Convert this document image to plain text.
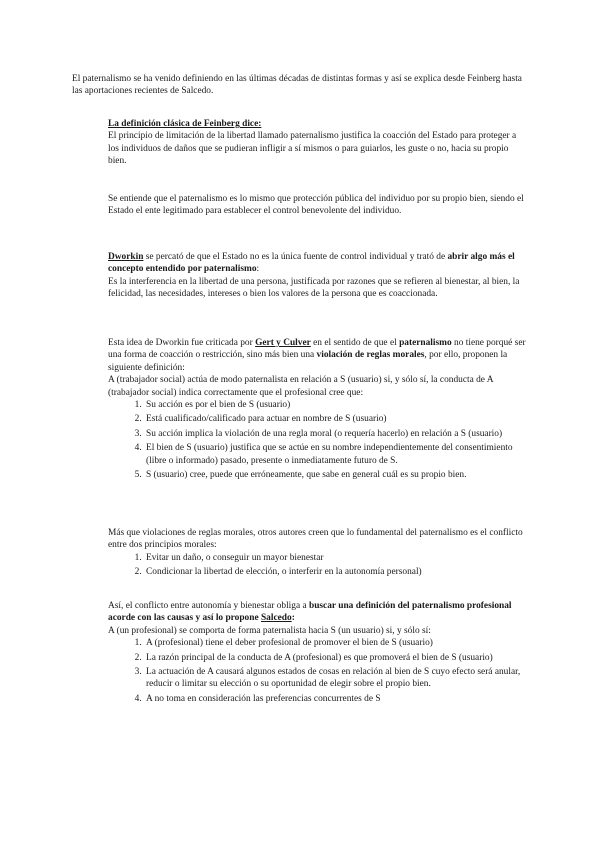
El paternalismo se ha venido definiendo en las últimas décadas de distintas formas y así se explica desde Feinberg hasta las aportaciones recientes de Salcedo.

La definición clásica de Feinberg dice:
El principio de limitación de la libertad llamado paternalismo justifica la coacción del Estado para proteger a los individuos de daños que se pudieran infligir a sí mismos o para guiarlos, les guste o no, hacia su propio bien.

Se entiende que el paternalismo es lo mismo que protección pública del individuo por su propio bien, siendo el Estado el ente legitimado para establecer el control benevolente del individuo.

Dworkin se percató de que el Estado no es la única fuente de control individual y trató de abrir algo más el concepto entendido por paternalismo:
Es la interferencia en la libertad de una persona, justificada por razones que se refieren al bienestar, al bien, la felicidad, las necesidades, intereses o bien los valores de la persona que es coaccionada.
Esta idea de Dworkin fue criticada por Gert y Culver en el sentido de que el paternalismo no tiene porqué ser una forma de coacción o restricción, sino más bien una violación de reglas morales, por ello, proponen la siguiente definición:
A (trabajador social) actúa de modo paternalista en relación a S (usuario) si, y sólo sí, la conducta de A (trabajador social) indica correctamente que el profesional cree que:
1. Su acción es por el bien de S (usuario)
2. Está cualificado/calificado para actuar en nombre de S (usuario)
3. Su acción implica la violación de una regla moral (o requería hacerlo) en relación a S (usuario)
4. El bien de S (usuario) justifica que se actúe en su nombre independientemente del consentimiento (libre o informado) pasado, presente o inmediatamente futuro de S.
5. S (usuario) cree, puede que erróneamente, que sabe en general cuál es su propio bien.
Más que violaciones de reglas morales, otros autores creen que lo fundamental del paternalismo es el conflicto entre dos principios morales:
1. Evitar un daño, o conseguir un mayor bienestar
2. Condicionar la libertad de elección, o interferir en la autonomía personal)
Así, el conflicto entre autonomía y bienestar obliga a buscar una definición del paternalismo profesional acorde con las causas y así lo propone Salcedo:
A (un profesional) se comporta de forma paternalista hacia S (un usuario) si, y sólo sí:
1. A (profesional) tiene el deber profesional de promover el bien de S (usuario)
2. La razón principal de la conducta de A (profesional) es que promoverá el bien de S (usuario)
3. La actuación de A causará algunos estados de cosas en relación al bien de S cuyo efecto será anular, reducir o limitar su elección o su oportunidad de elegir sobre el propio bien.
4. A no toma en consideración las preferencias concurrentes de S
